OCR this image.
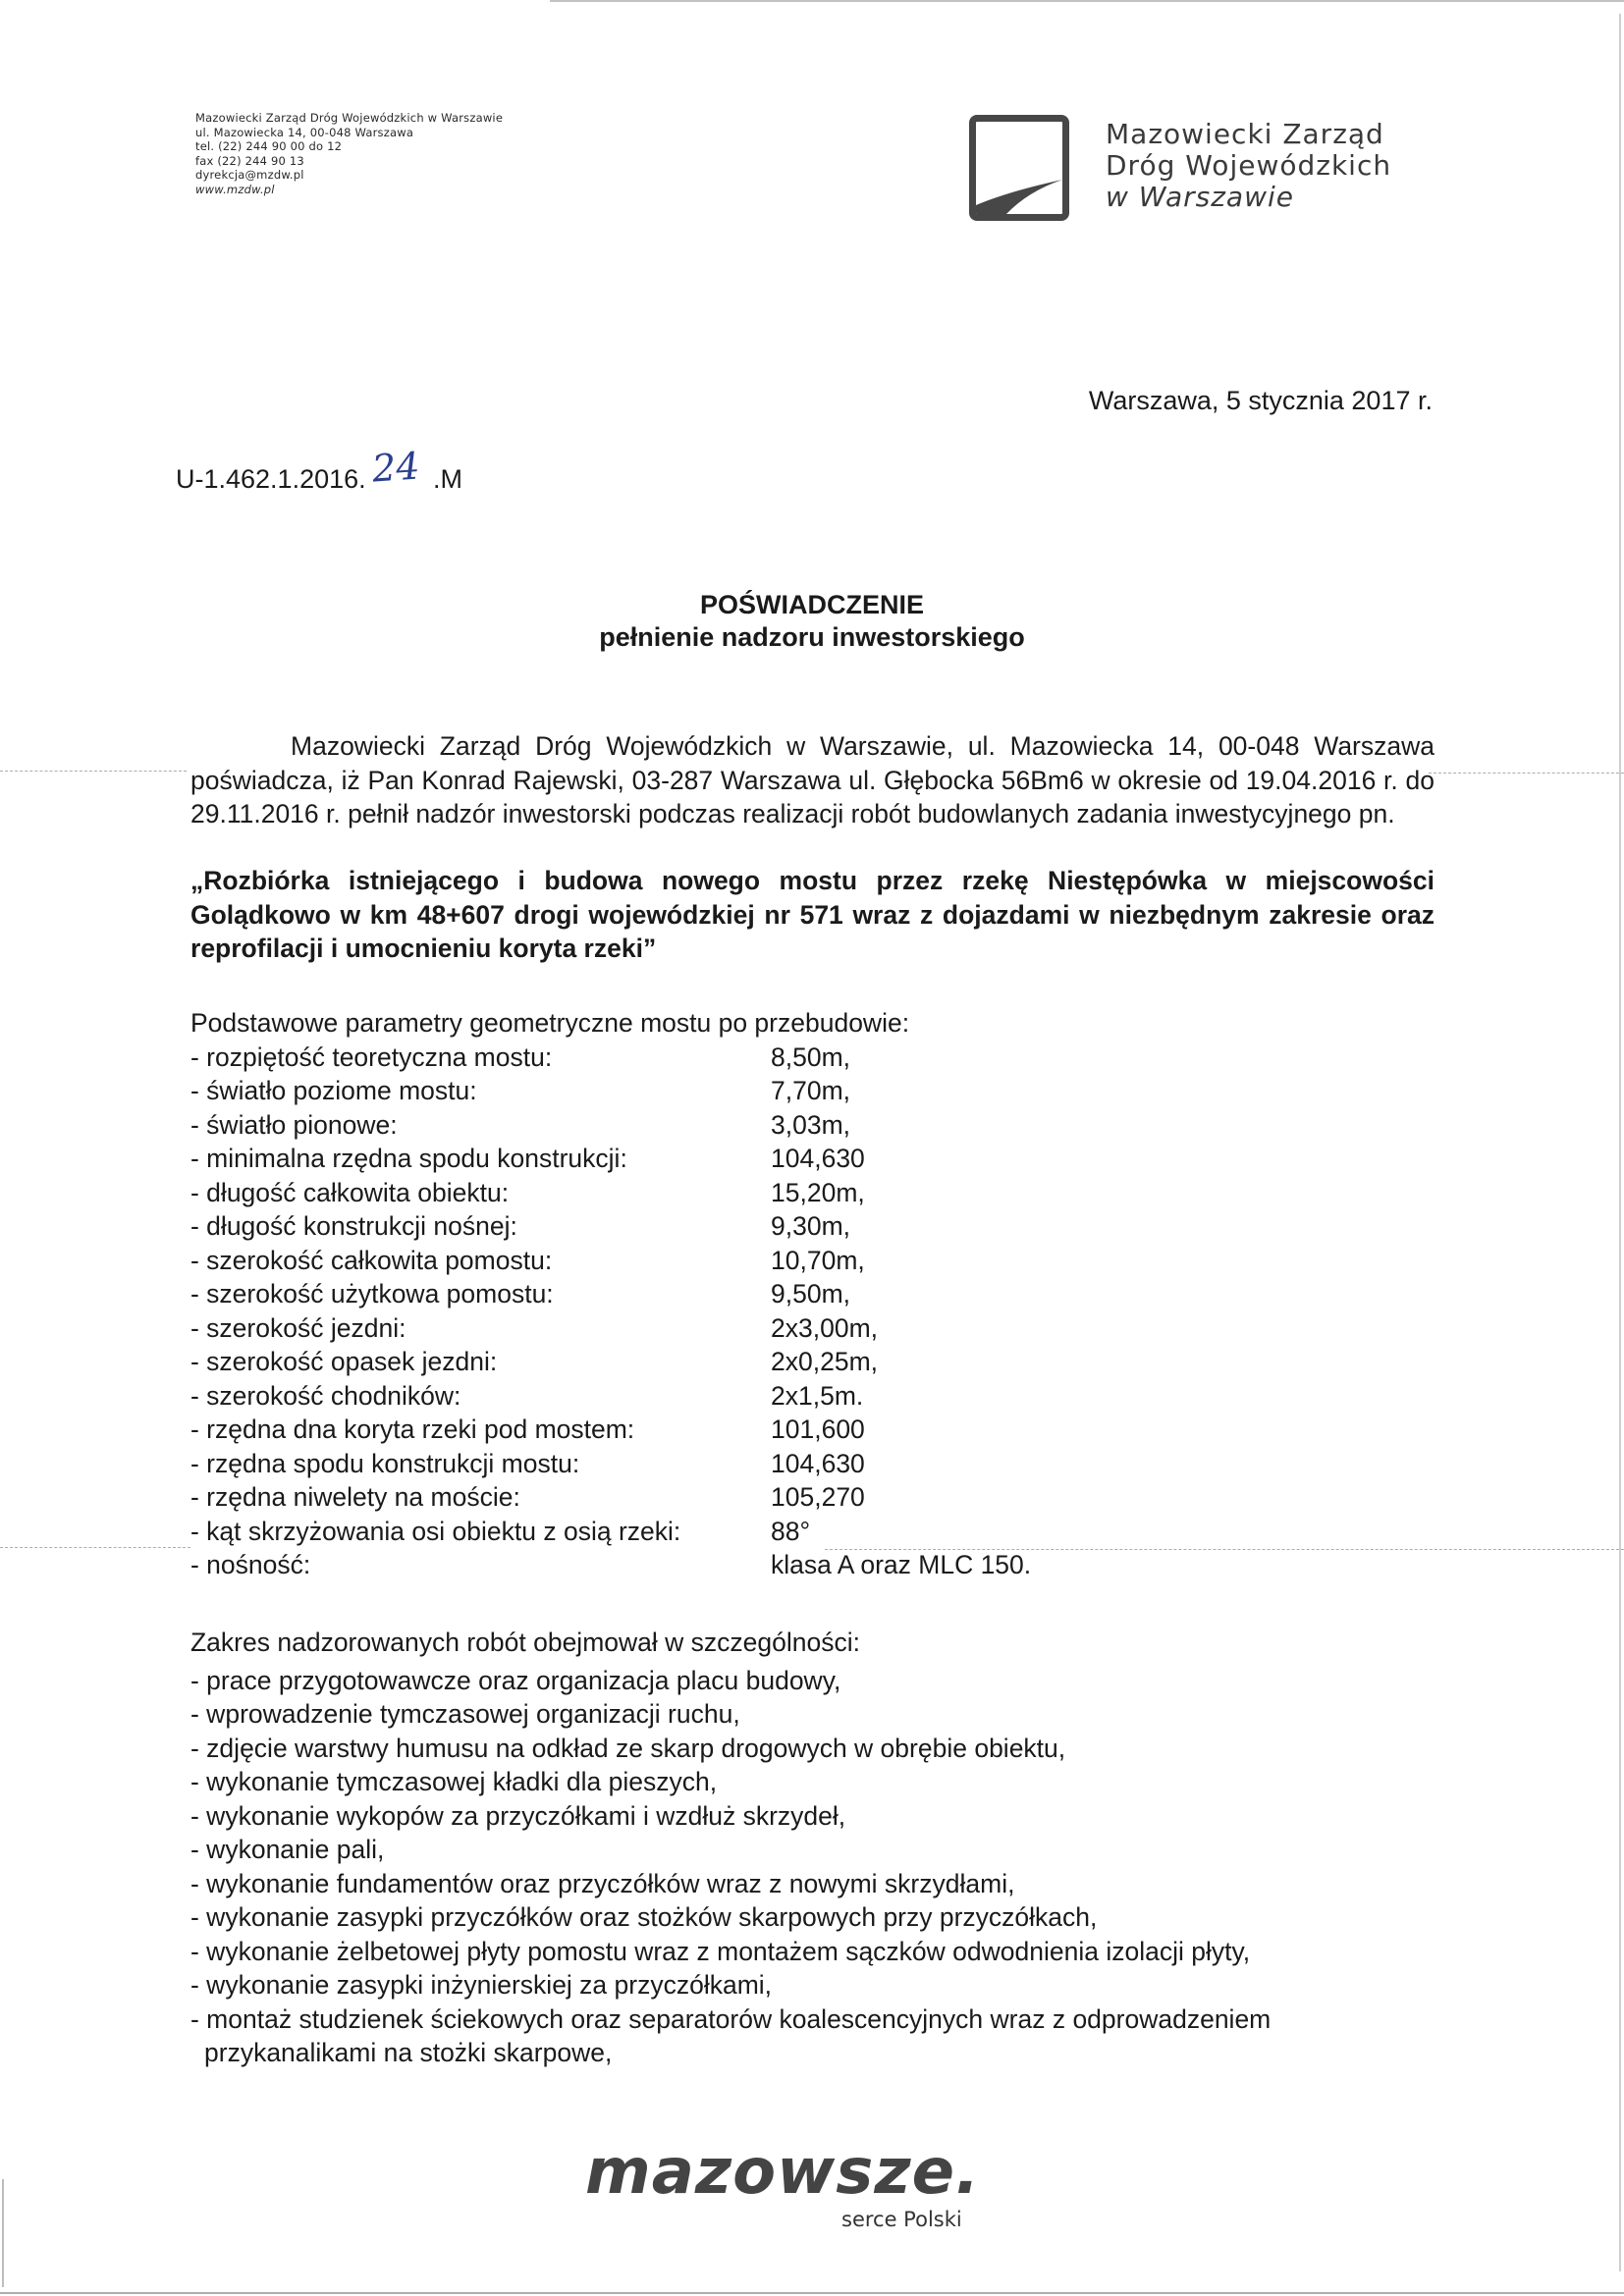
Mazowiecki Zarząd Dróg Wojewódzkich w Warszawie
ul. Mazowiecka 14, 00-048 Warszawa
tel. (22) 244 90 00 do 12
fax (22) 244 90 13
dyrekcja@mzdw.pl
www.mzdw.pl
Mazowiecki Zarząd
Dróg Wojewódzkich
w Warszawie
U-1.462.1.2016. 24 .M
Warszawa, 5 stycznia 2017 r.
POŚWIADCZENIE
pełnienie nadzoru inwestorskiego
Mazowiecki Zarząd Dróg Wojewódzkich w Warszawie, ul. Mazowiecka 14, 00-048 Warszawa poświadcza, iż Pan Konrad Rajewski, 03-287 Warszawa ul. Głębocka 56Bm6 w okresie od 19.04.2016 r. do 29.11.2016 r. pełnił nadzór inwestorski podczas realizacji robót budowlanych zadania inwestycyjnego pn.
„Rozbiórka istniejącego i budowa nowego mostu przez rzekę Niestępówka w miejscowości Golądkowo w km 48+607 drogi wojewódzkiej nr 571 wraz z dojazdami w niezbędnym zakresie oraz reprofilacji i umocnieniu koryta rzeki”
Podstawowe parametry geometryczne mostu po przebudowie:
- rozpiętość teoretyczna mostu:	8,50m,
- światło poziome mostu:	7,70m,
- światło pionowe:	3,03m,
- minimalna rzędna spodu konstrukcji:	104,630
- długość całkowita obiektu:	15,20m,
- długość konstrukcji nośnej:	9,30m,
- szerokość całkowita pomostu:	10,70m,
- szerokość użytkowa pomostu:	9,50m,
- szerokość jezdni:	2x3,00m,
- szerokość opasek jezdni:	2x0,25m,
- szerokość chodników:	2x1,5m.
- rzędna dna koryta rzeki pod mostem:	101,600
- rzędna spodu konstrukcji mostu:	104,630
- rzędna niwelety na moście:	105,270
- kąt skrzyżowania osi obiektu z osią rzeki:	88°
- nośność:	klasa A oraz MLC 150.
Zakres nadzorowanych robót obejmował w szczególności:
- prace przygotowawcze oraz organizacja placu budowy,
- wprowadzenie tymczasowej organizacji ruchu,
- zdjęcie warstwy humusu na odkład ze skarp drogowych w obrębie obiektu,
- wykonanie tymczasowej kładki dla pieszych,
- wykonanie wykopów za przyczółkami i wzdłuż skrzydeł,
- wykonanie pali,
- wykonanie fundamentów oraz przyczółków wraz z nowymi skrzydłami,
- wykonanie zasypki przyczółków oraz stożków skarpowych przy przyczółkach,
- wykonanie żelbetowej płyty pomostu wraz z montażem sączków odwodnienia izolacji płyty,
- wykonanie zasypki inżynierskiej za przyczółkami,
- montaż studzienek ściekowych oraz separatorów koalescencyjnych wraz z odprowadzeniem
przykanalikami na stożki skarpowe,
mazowsze.
serce Polski
